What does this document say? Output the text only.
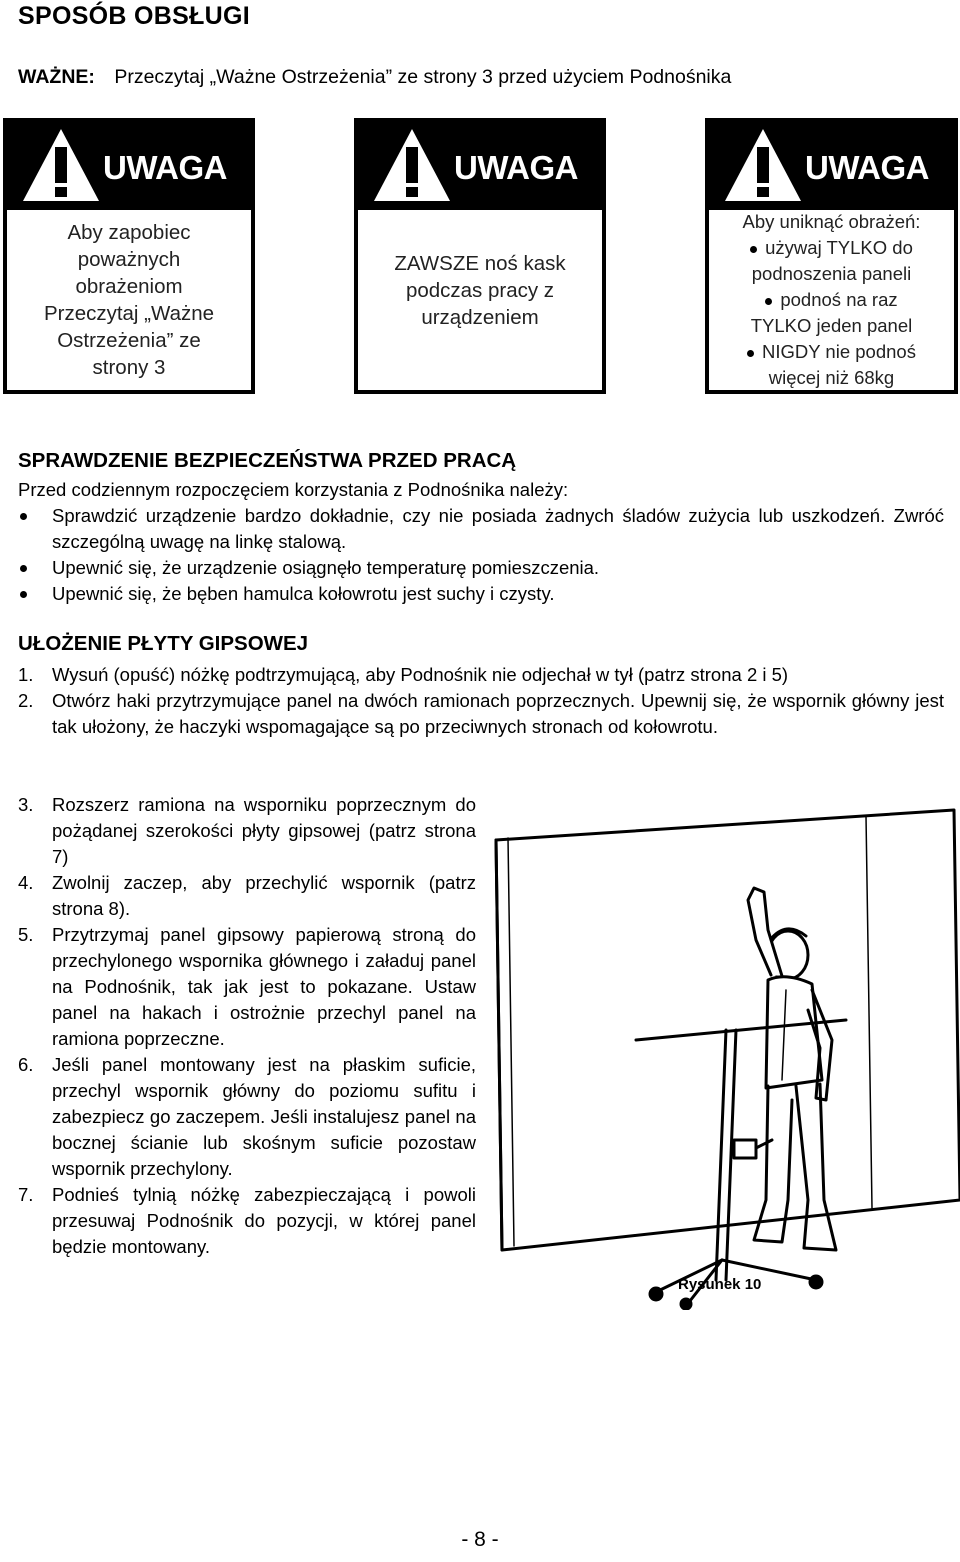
SPOSÓB OBSŁUGI
WAŻNE: Przeczytaj „Ważne Ostrzeżenia” ze strony 3 przed użyciem Podnośnika
UWAGA
Aby zapobiec
poważnych
obrażeniom
Przeczytaj „Ważne
Ostrzeżenia” ze
strony 3
UWAGA
ZAWSZE noś kask
podczas pracy z
urządzeniem
UWAGA
Aby uniknąć obrażeń:
używaj TYLKO do
podnoszenia paneli
podnoś na raz
TYLKO jeden panel
NIGDY nie podnoś
więcej niż 68kg
SPRAWDZENIE BEZPIECZEŃSTWA PRZED PRACĄ
Przed codziennym rozpoczęciem korzystania z Podnośnika należy:
Sprawdzić urządzenie bardzo dokładnie, czy nie posiada żadnych śladów zużycia lub uszkodzeń. Zwróć szczególną uwagę na linkę stalową.
Upewnić się, że urządzenie osiągnęło temperaturę pomieszczenia.
Upewnić się, że bęben hamulca kołowrotu jest suchy i czysty.
UŁOŻENIE PŁYTY GIPSOWEJ
1. Wysuń (opuść) nóżkę podtrzymującą, aby Podnośnik nie odjechał w tył (patrz strona 2 i 5)
2. Otwórz haki przytrzymujące panel na dwóch ramionach poprzecznych. Upewnij się, że wspornik główny jest tak ułożony, że haczyki wspomagające są po przeciwnych stronach od kołowrotu.
3. Rozszerz ramiona na wsporniku poprzecznym do pożądanej szerokości płyty gipsowej (patrz strona 7)
4. Zwolnij zaczep, aby przechylić wspornik (patrz strona 8).
5. Przytrzymaj panel gipsowy papierową stroną do przechylonego wspornika głównego i załaduj panel na Podnośnik, tak jak jest to pokazane. Ustaw panel na hakach i ostrożnie przechyl panel na ramiona poprzeczne.
6. Jeśli panel montowany jest na płaskim suficie, przechyl wspornik główny do poziomu sufitu i zabezpiecz go zaczepem. Jeśli instalujesz panel na bocznej ścianie lub skośnym suficie pozostaw wspornik przechylony.
7. Podnieś tylnią nóżkę zabezpieczającą i powoli przesuwaj Podnośnik do pozycji, w której panel będzie montowany.
Rysunek 10
- 8 -
